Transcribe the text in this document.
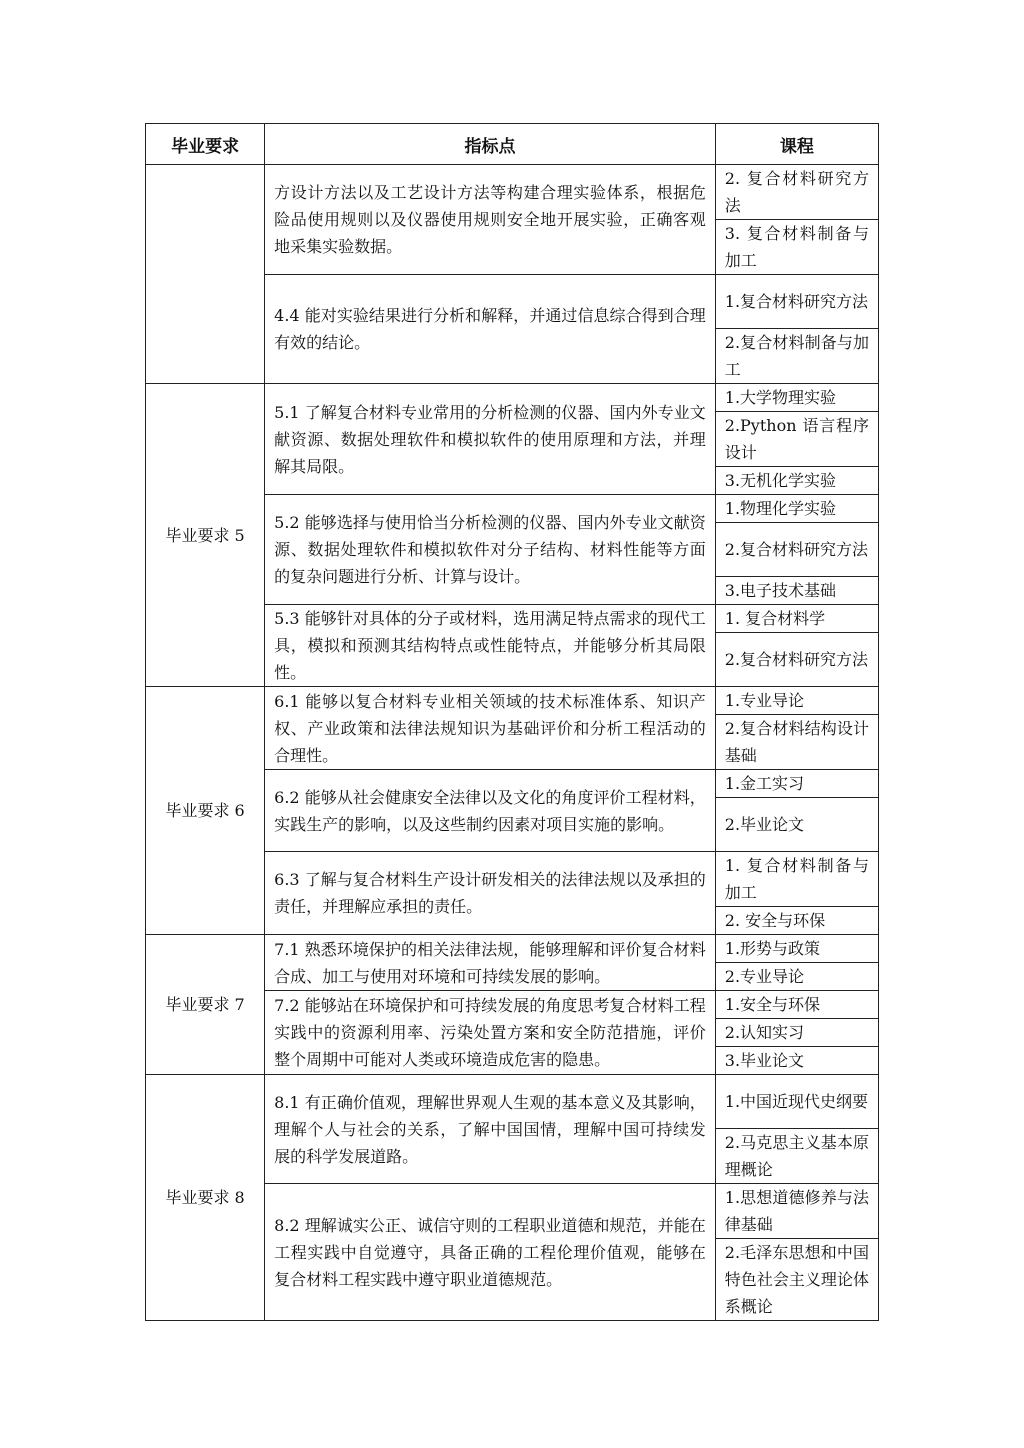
毕业要求	指标点	课程
	方设计方法以及工艺设计方法等构建合理实验体系，根据危险品使用规则以及仪器使用规则安全地开展实验，正确客观地采集实验数据。	2. 复合材料研究方法
		3. 复合材料制备与加工
	4.4 能对实验结果进行分析和解释，并通过信息综合得到合理有效的结论。	1.复合材料研究方法
		2.复合材料制备与加工
毕业要求 5	5.1 了解复合材料专业常用的分析检测的仪器、国内外专业文献资源、数据处理软件和模拟软件的使用原理和方法，并理解其局限。	1.大学物理实验
		2.Python 语言程序设计
		3.无机化学实验
	5.2 能够选择与使用恰当分析检测的仪器、国内外专业文献资源、数据处理软件和模拟软件对分子结构、材料性能等方面的复杂问题进行分析、计算与设计。	1.物理化学实验
		2.复合材料研究方法
		3.电子技术基础
	5.3 能够针对具体的分子或材料，选用满足特点需求的现代工具，模拟和预测其结构特点或性能特点，并能够分析其局限性。	1. 复合材料学
		2.复合材料研究方法
毕业要求 6	6.1 能够以复合材料专业相关领域的技术标准体系、知识产权、产业政策和法律法规知识为基础评价和分析工程活动的合理性。	1.专业导论
		2.复合材料结构设计基础
	6.2 能够从社会健康安全法律以及文化的角度评价工程材料，实践生产的影响，以及这些制约因素对项目实施的影响。	1.金工实习
		2.毕业论文
	6.3 了解与复合材料生产设计研发相关的法律法规以及承担的责任，并理解应承担的责任。	1. 复合材料制备与加工
		2. 安全与环保
毕业要求 7	7.1 熟悉环境保护的相关法律法规，能够理解和评价复合材料合成、加工与使用对环境和可持续发展的影响。	1.形势与政策
		2.专业导论
	7.2 能够站在环境保护和可持续发展的角度思考复合材料工程实践中的资源利用率、污染处置方案和安全防范措施，评价整个周期中可能对人类或环境造成危害的隐患。	1.安全与环保
		2.认知实习
		3.毕业论文
毕业要求 8	8.1 有正确价值观，理解世界观人生观的基本意义及其影响，理解个人与社会的关系，了解中国国情，理解中国可持续发展的科学发展道路。	1.中国近现代史纲要
		2.马克思主义基本原理概论
	8.2 理解诚实公正、诚信守则的工程职业道德和规范，并能在工程实践中自觉遵守，具备正确的工程伦理价值观，能够在复合材料工程实践中遵守职业道德规范。	1.思想道德修养与法律基础
		2.毛泽东思想和中国特色社会主义理论体系概论
